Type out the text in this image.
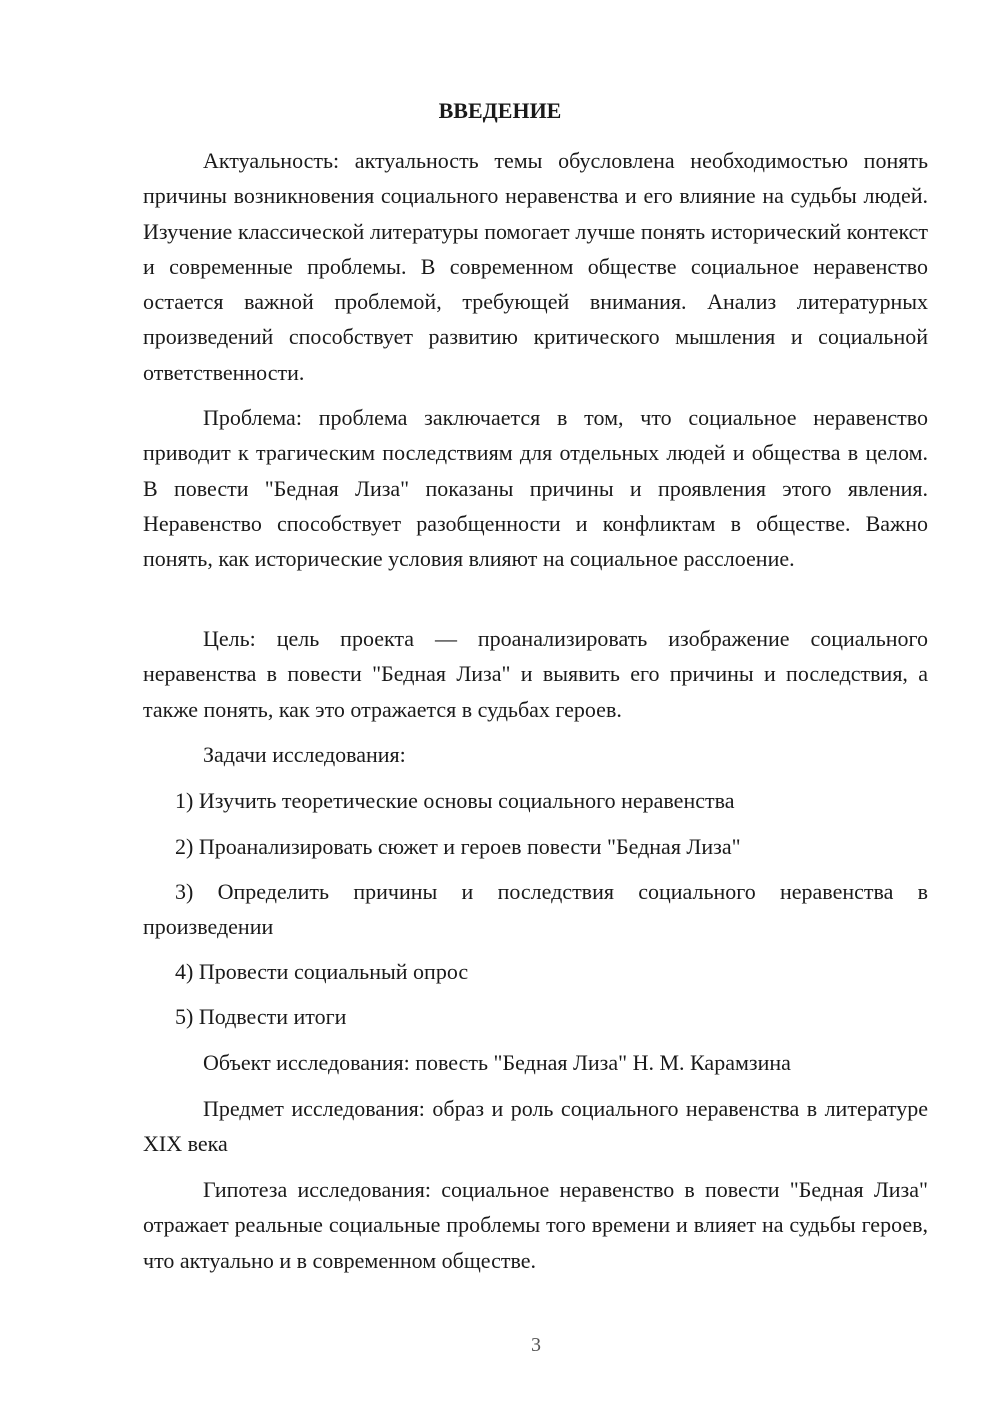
ВВЕДЕНИЕ

Актуальность: актуальность темы обусловлена необходимостью понять причины возникновения социального неравенства и его влияние на судьбы людей. Изучение классической литературы помогает лучше понять исторический контекст и современные проблемы. В современном обществе социальное неравенство остается важной проблемой, требующей внимания. Анализ литературных произведений способствует развитию критического мышления и социальной ответственности.

Проблема: проблема заключается в том, что социальное неравенство приводит к трагическим последствиям для отдельных людей и общества в целом. В повести "Бедная Лиза" показаны причины и проявления этого явления. Неравенство способствует разобщенности и конфликтам в обществе. Важно понять, как исторические условия влияют на социальное расслоение.

Цель: цель проекта — проанализировать изображение социального неравенства в повести "Бедная Лиза" и выявить его причины и последствия, а также понять, как это отражается в судьбах героев.

Задачи исследования:

1) Изучить теоретические основы социального неравенства

2) Проанализировать сюжет и героев повести "Бедная Лиза"

3) Определить причины и последствия социального неравенства в произведении

4) Провести социальный опрос

5) Подвести итоги

Объект исследования: повесть "Бедная Лиза" Н. М. Карамзина

Предмет исследования: образ и роль социального неравенства в литературе XIX века

Гипотеза исследования: социальное неравенство в повести "Бедная Лиза" отражает реальные социальные проблемы того времени и влияет на судьбы героев, что актуально и в современном обществе.

3
